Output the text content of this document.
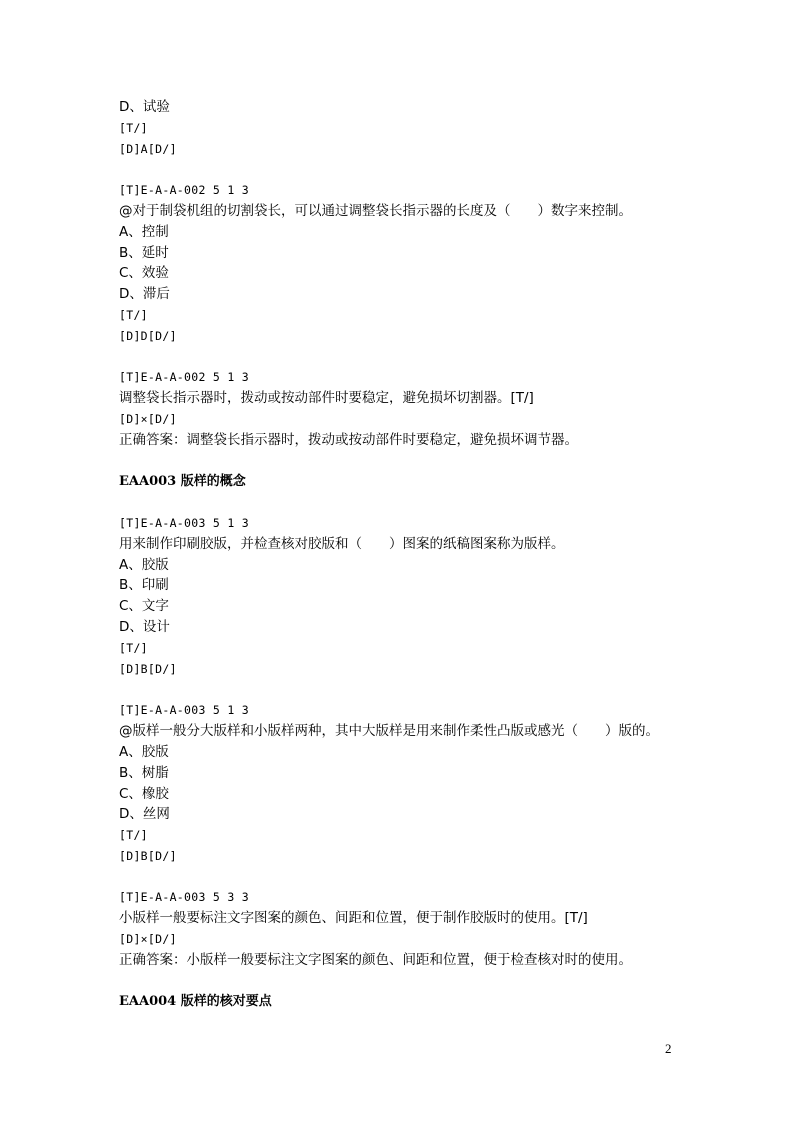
D、试验
[T/]
[D]A[D/]
[T]E-A-A-002 5 1 3
@对于制袋机组的切割袋长，可以通过调整袋长指示器的长度及（　　）数字来控制。
A、控制
B、延时
C、效验
D、滞后
[T/]
[D]D[D/]
[T]E-A-A-002 5 1 3
调整袋长指示器时，拨动或按动部件时要稳定，避免损坏切割器。[T/]
[D]×[D/]
正确答案：调整袋长指示器时，拨动或按动部件时要稳定，避免损坏调节器。
EAA003 版样的概念
[T]E-A-A-003 5 1 3
用来制作印刷胶版，并检查核对胶版和（　　）图案的纸稿图案称为版样。
A、胶版
B、印刷
C、文字
D、设计
[T/]
[D]B[D/]
[T]E-A-A-003 5 1 3
@版样一般分大版样和小版样两种，其中大版样是用来制作柔性凸版或感光（　　）版的。
A、胶版
B、树脂
C、橡胶
D、丝网
[T/]
[D]B[D/]
[T]E-A-A-003 5 3 3
小版样一般要标注文字图案的颜色、间距和位置，便于制作胶版时的使用。[T/]
[D]×[D/]
正确答案：小版样一般要标注文字图案的颜色、间距和位置，便于检查核对时的使用。
EAA004 版样的核对要点
2
